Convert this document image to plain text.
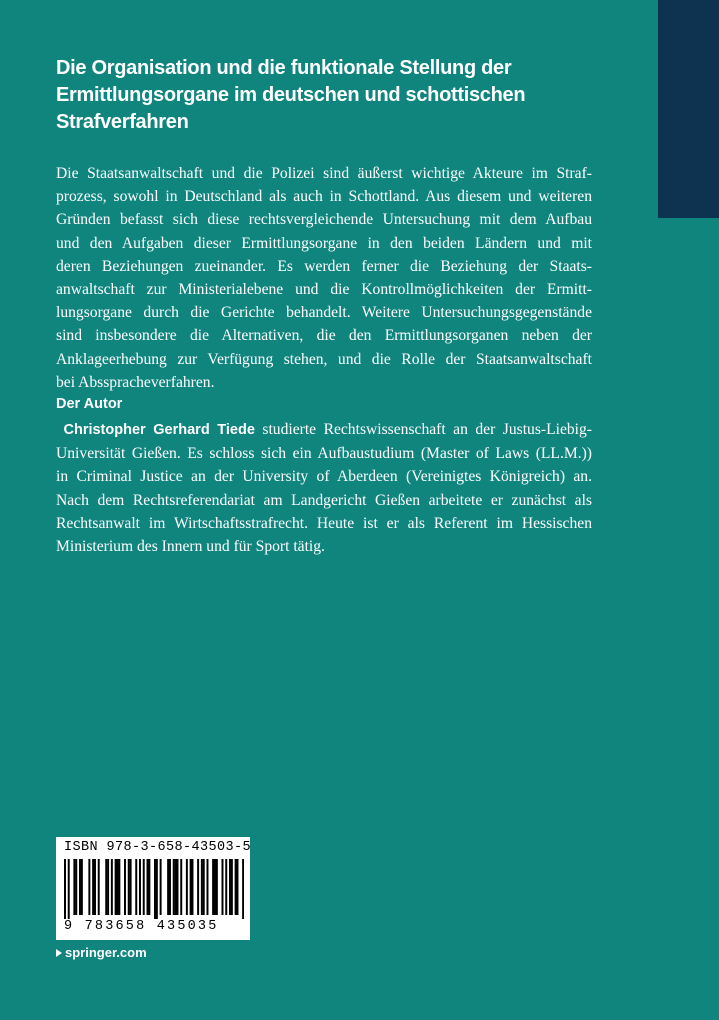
Die Organisation und die funktionale Stellung der
Ermittlungsorgane im deutschen und schottischen
Strafverfahren

Die Staatsanwaltschaft und die Polizei sind äußerst wichtige Akteure im Straf-
prozess, sowohl in Deutschland als auch in Schottland. Aus diesem und weiteren
Gründen befasst sich diese rechtsvergleichende Untersuchung mit dem Aufbau
und den Aufgaben dieser Ermittlungsorgane in den beiden Ländern und mit
deren Beziehungen zueinander. Es werden ferner die Beziehung der Staats-
anwaltschaft zur Ministerialebene und die Kontrollmöglichkeiten der Ermitt-
lungsorgane durch die Gerichte behandelt. Weitere Untersuchungsgegenstände
sind insbesondere die Alternativen, die den Ermittlungsorganen neben der
Anklageerhebung zur Verfügung stehen, und die Rolle der Staatsanwaltschaft
bei Absspracheverfahren.

Der Autor

Christopher Gerhard Tiede studierte Rechtswissenschaft an der Justus-Liebig-
Universität Gießen. Es schloss sich ein Aufbaustudium (Master of Laws (LL.M.))
in Criminal Justice an der University of Aberdeen (Vereinigtes Königreich) an.
Nach dem Rechtsreferendariat am Landgericht Gießen arbeitete er zunächst als
Rechtsanwalt im Wirtschaftsstrafrecht. Heute ist er als Referent im Hessischen
Ministerium des Innern und für Sport tätig.

ISBN 978-3-658-43503-5
9 783658 435035
springer.com
